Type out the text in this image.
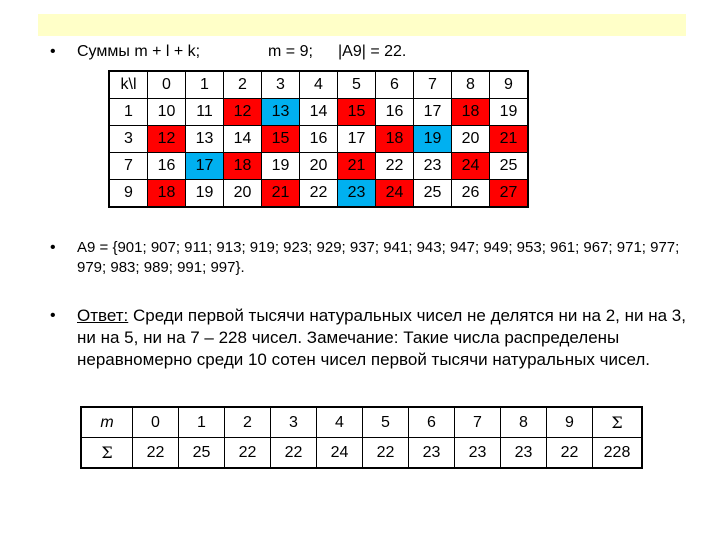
• Суммы m + l + k;	m = 9; |A9| = 22.
k\l	0	1	2	3	4	5	6	7	8	9
1	10	11	12	13	14	15	16	17	18	19
3	12	13	14	15	16	17	18	19	20	21
7	16	17	18	19	20	21	22	23	24	25
9	18	19	20	21	22	23	24	25	26	27
• A9 = {901; 907; 911; 913; 919; 923; 929; 937; 941; 943; 947; 949; 953; 961; 967; 971; 977; 979; 983; 989; 991; 997}.
• Ответ: Среди первой тысячи натуральных чисел не делятся ни на 2, ни на 3, ни на 5, ни на 7 – 228 чисел. Замечание: Такие числа распределены неравномерно среди 10 сотен чисел первой тысячи натуральных чисел.
m	0	1	2	3	4	5	6	7	8	9	Σ
Σ	22	25	22	22	24	22	23	23	23	22	228
